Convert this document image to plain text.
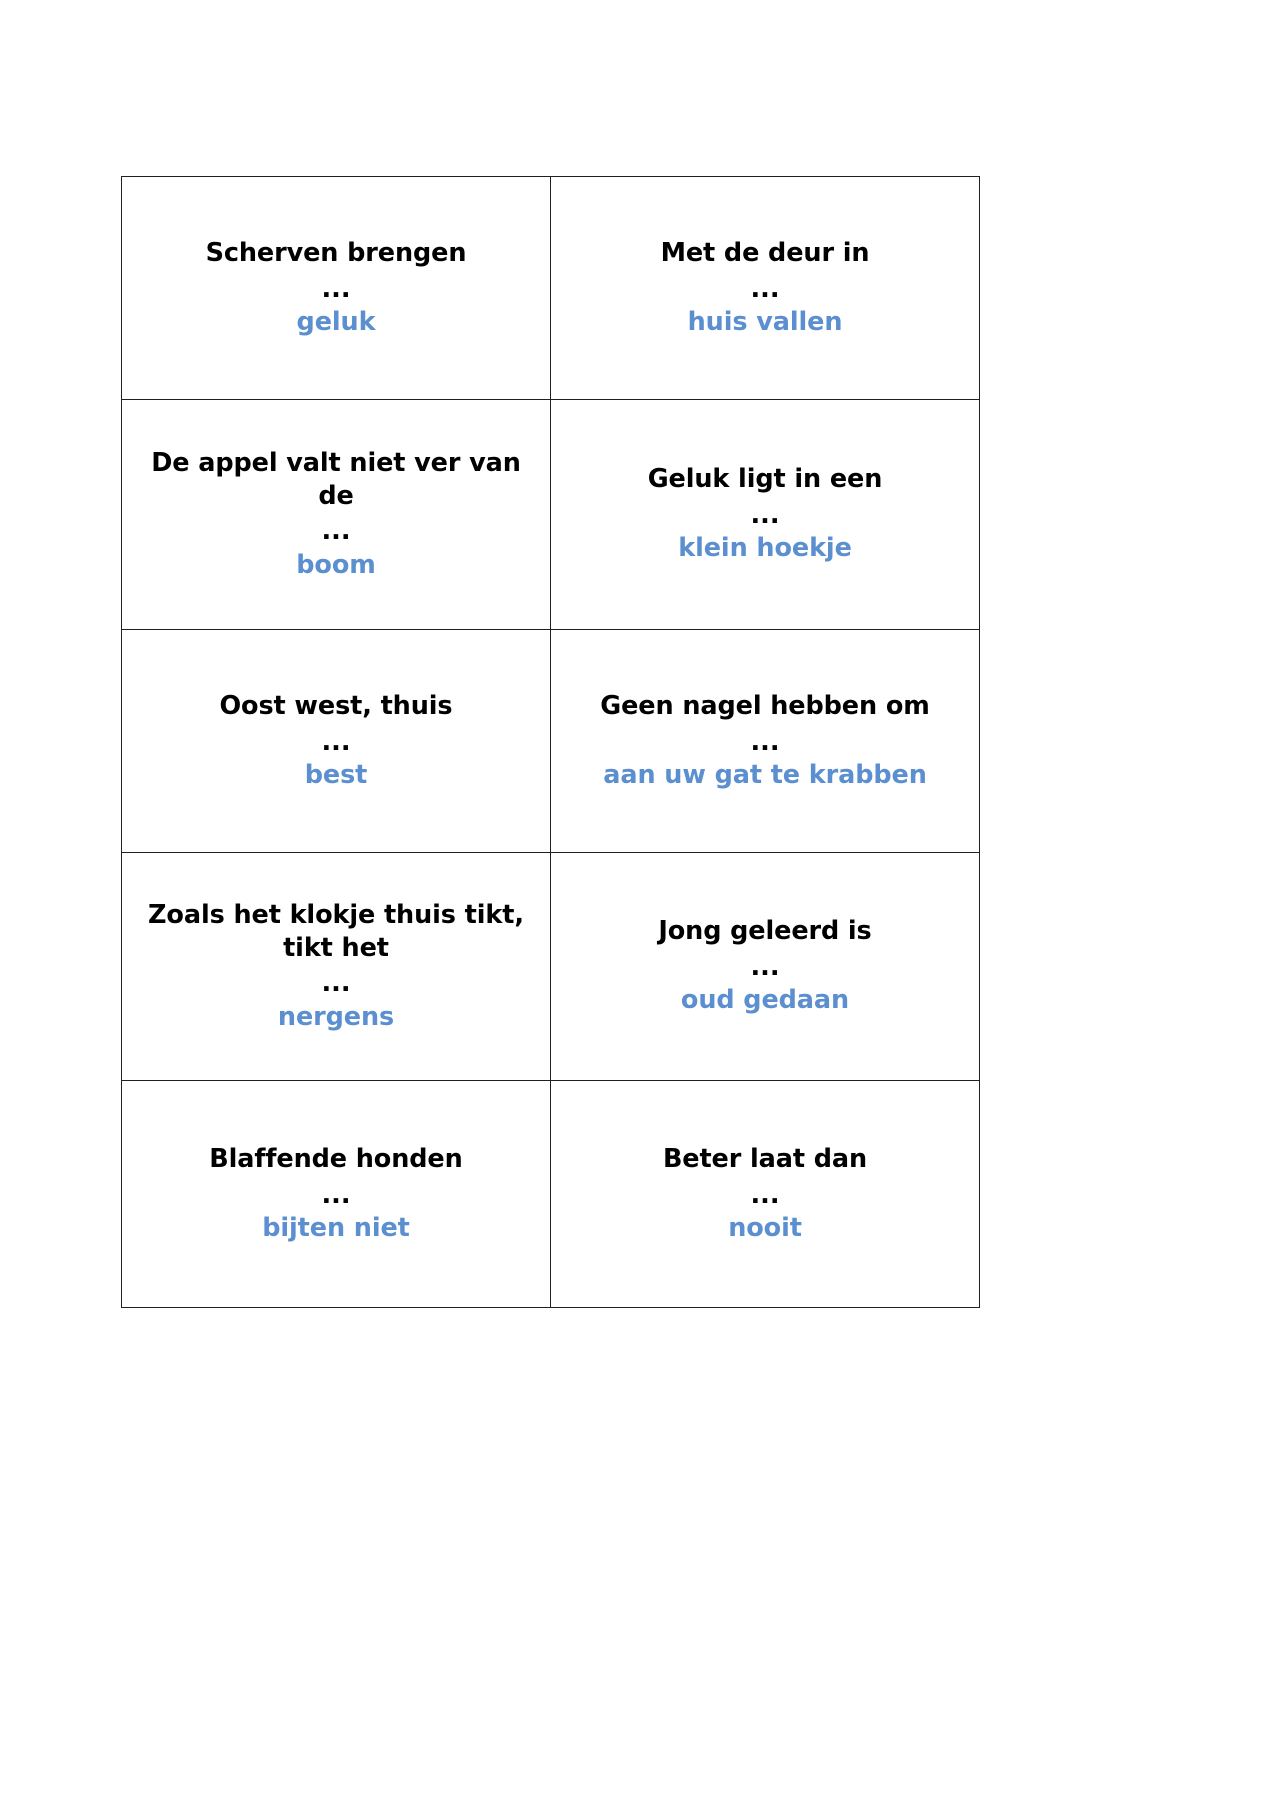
Scherven brengen
...
geluk	Met de deur in
...
huis vallen

De appel valt niet ver van de
...
boom	Geluk ligt in een
...
klein hoekje

Oost west, thuis
...
best	Geen nagel hebben om
...
aan uw gat te krabben

Zoals het klokje thuis tikt, tikt het
...
nergens	Jong geleerd is
...
oud gedaan

Blaffende honden
...
bijten niet	Beter laat dan
...
nooit
